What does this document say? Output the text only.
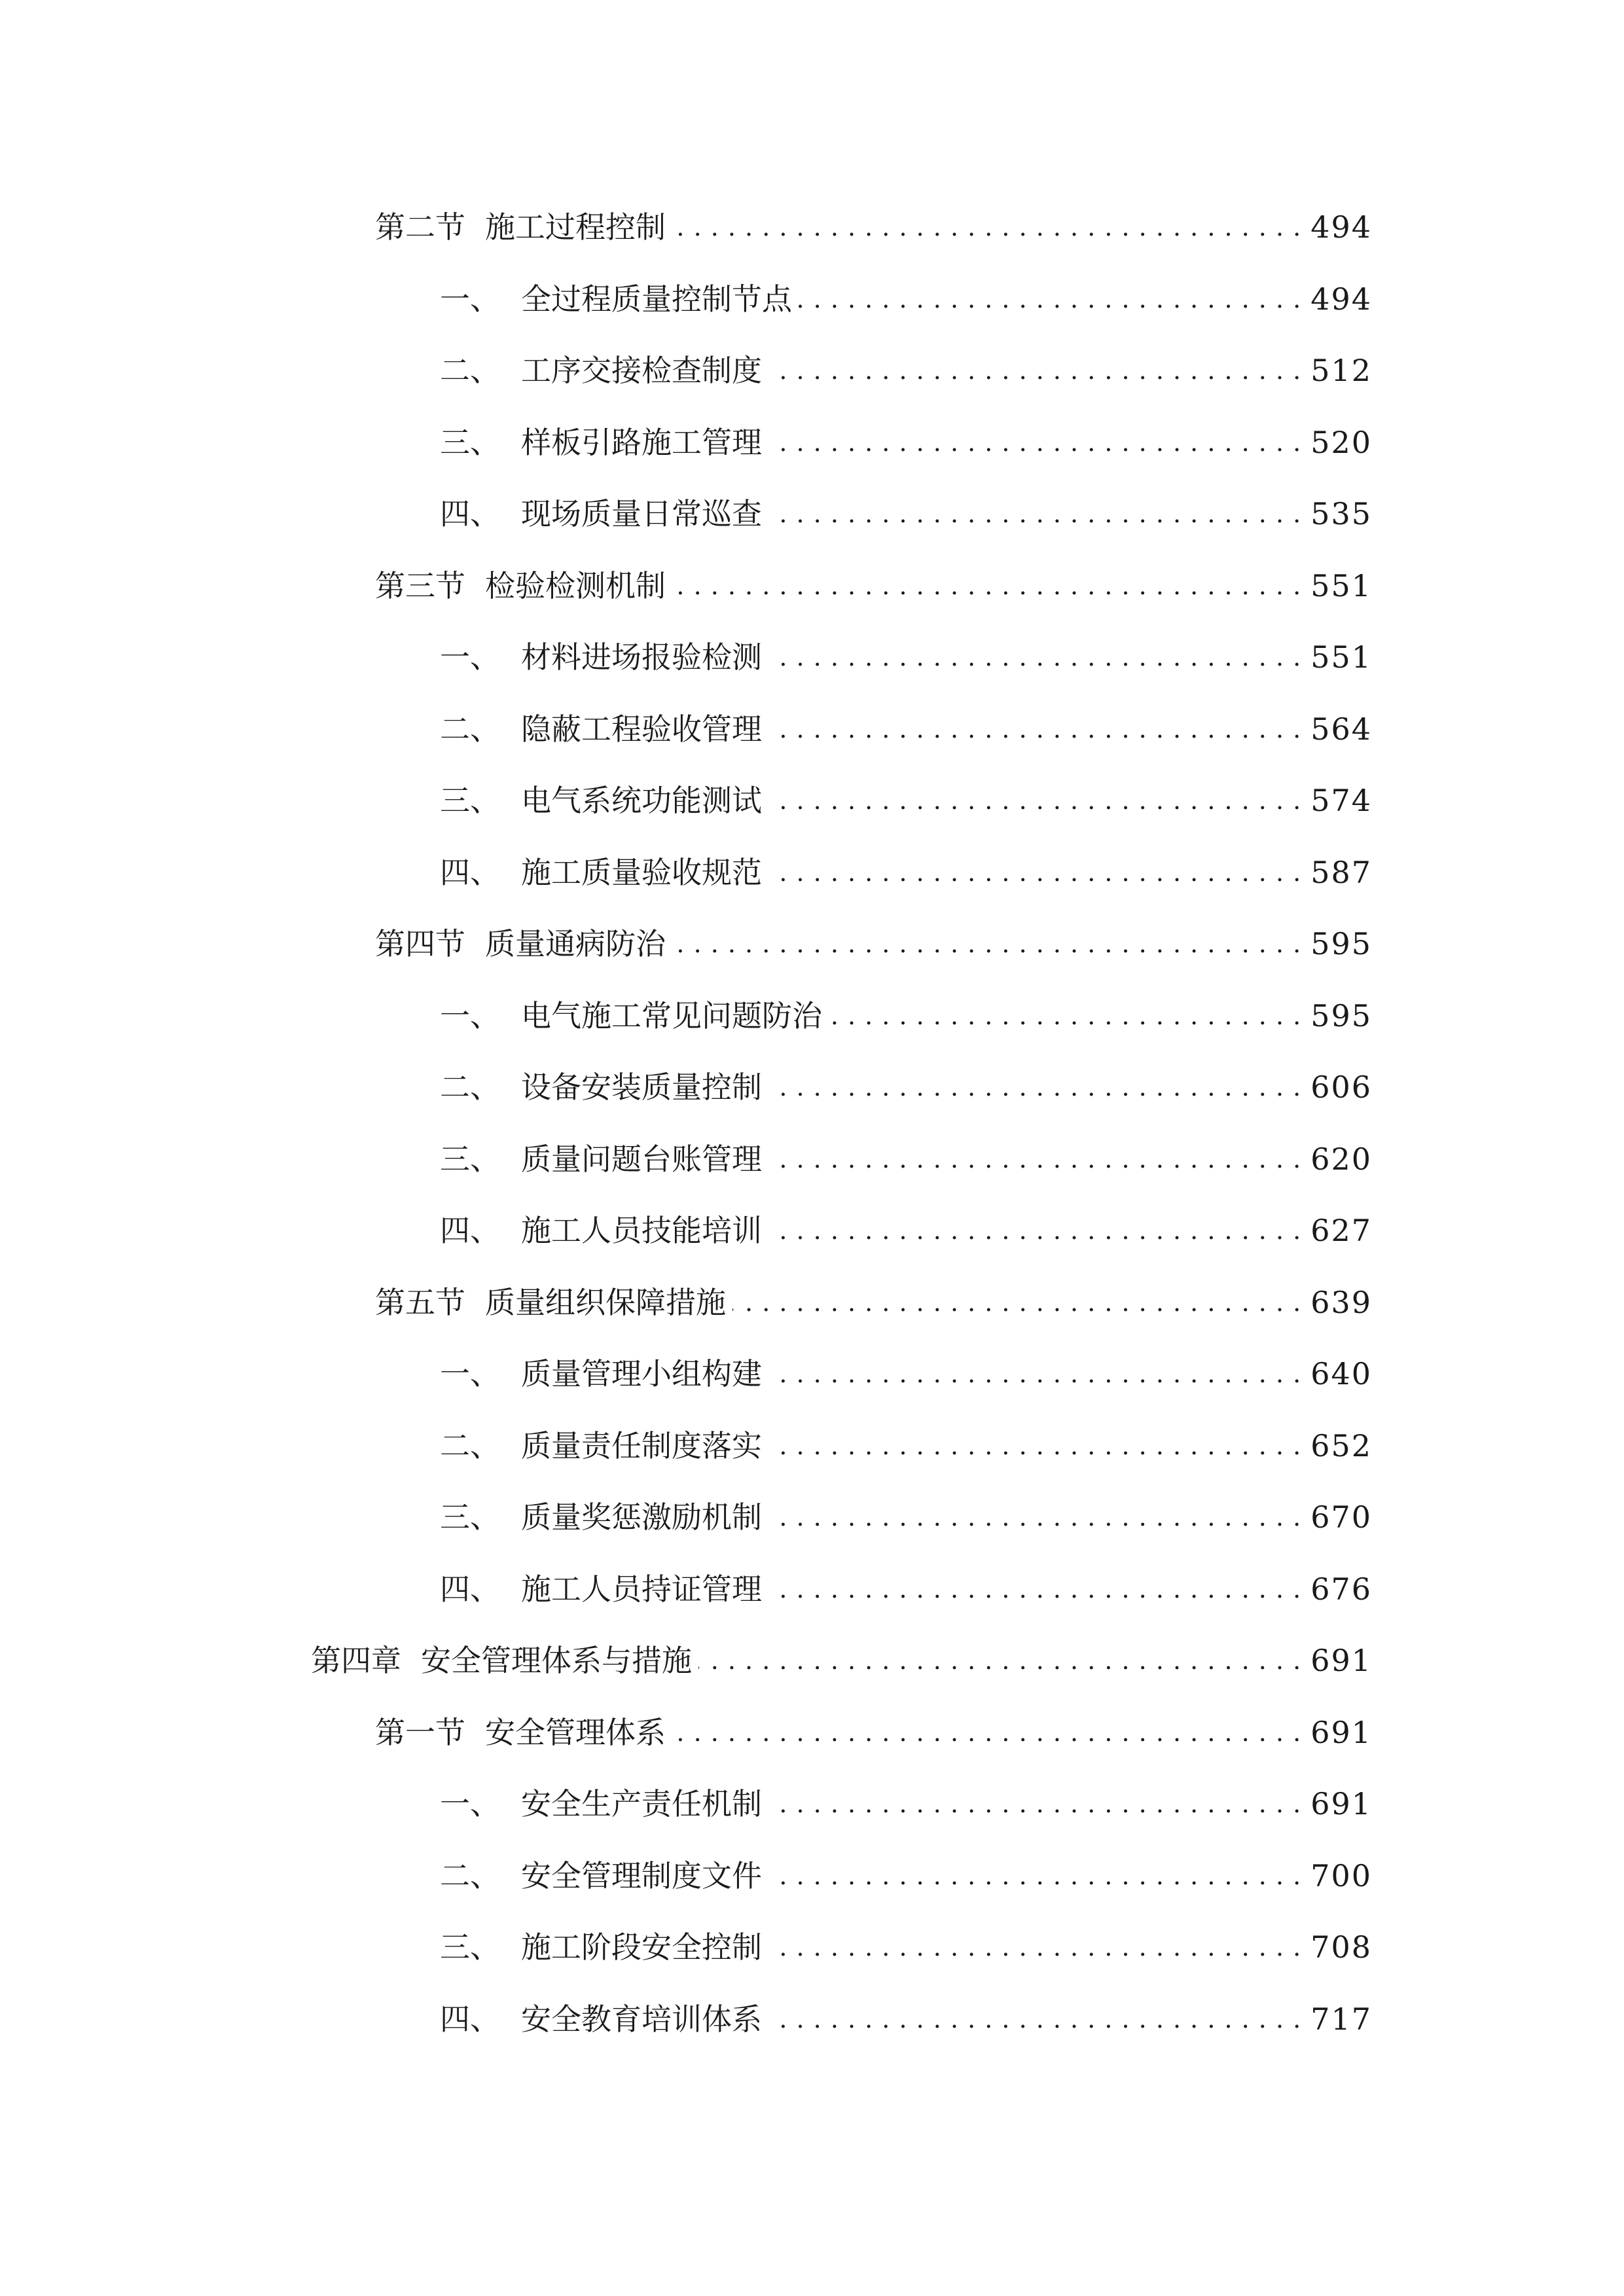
第二节 施工过程控制 . . .	494
一、 全过程质量控制节点 . . .	494
二、 工序交接检查制度 . . .	512
三、 样板引路施工管理 . . .	520
四、 现场质量日常巡查 . . .	535
第三节 检验检测机制 . . .	551
一、 材料进场报验检测 . . .	551
二、 隐蔽工程验收管理 . . .	564
三、 电气系统功能测试 . . .	574
四、 施工质量验收规范 . . .	587
第四节 质量通病防治 . . .	595
一、 电气施工常见问题防治 . . .	595
二、 设备安装质量控制 . . .	606
三、 质量问题台账管理 . . .	620
四、 施工人员技能培训 . . .	627
第五节 质量组织保障措施 . . .	639
一、 质量管理小组构建 . . .	640
二、 质量责任制度落实 . . .	652
三、 质量奖惩激励机制 . . .	670
四、 施工人员持证管理 . . .	676
第四章 安全管理体系与措施 . . .	691
第一节 安全管理体系 . . .	691
一、 安全生产责任机制 . . .	691
二、 安全管理制度文件 . . .	700
三、 施工阶段安全控制 . . .	708
四、 安全教育培训体系 . . .	717
